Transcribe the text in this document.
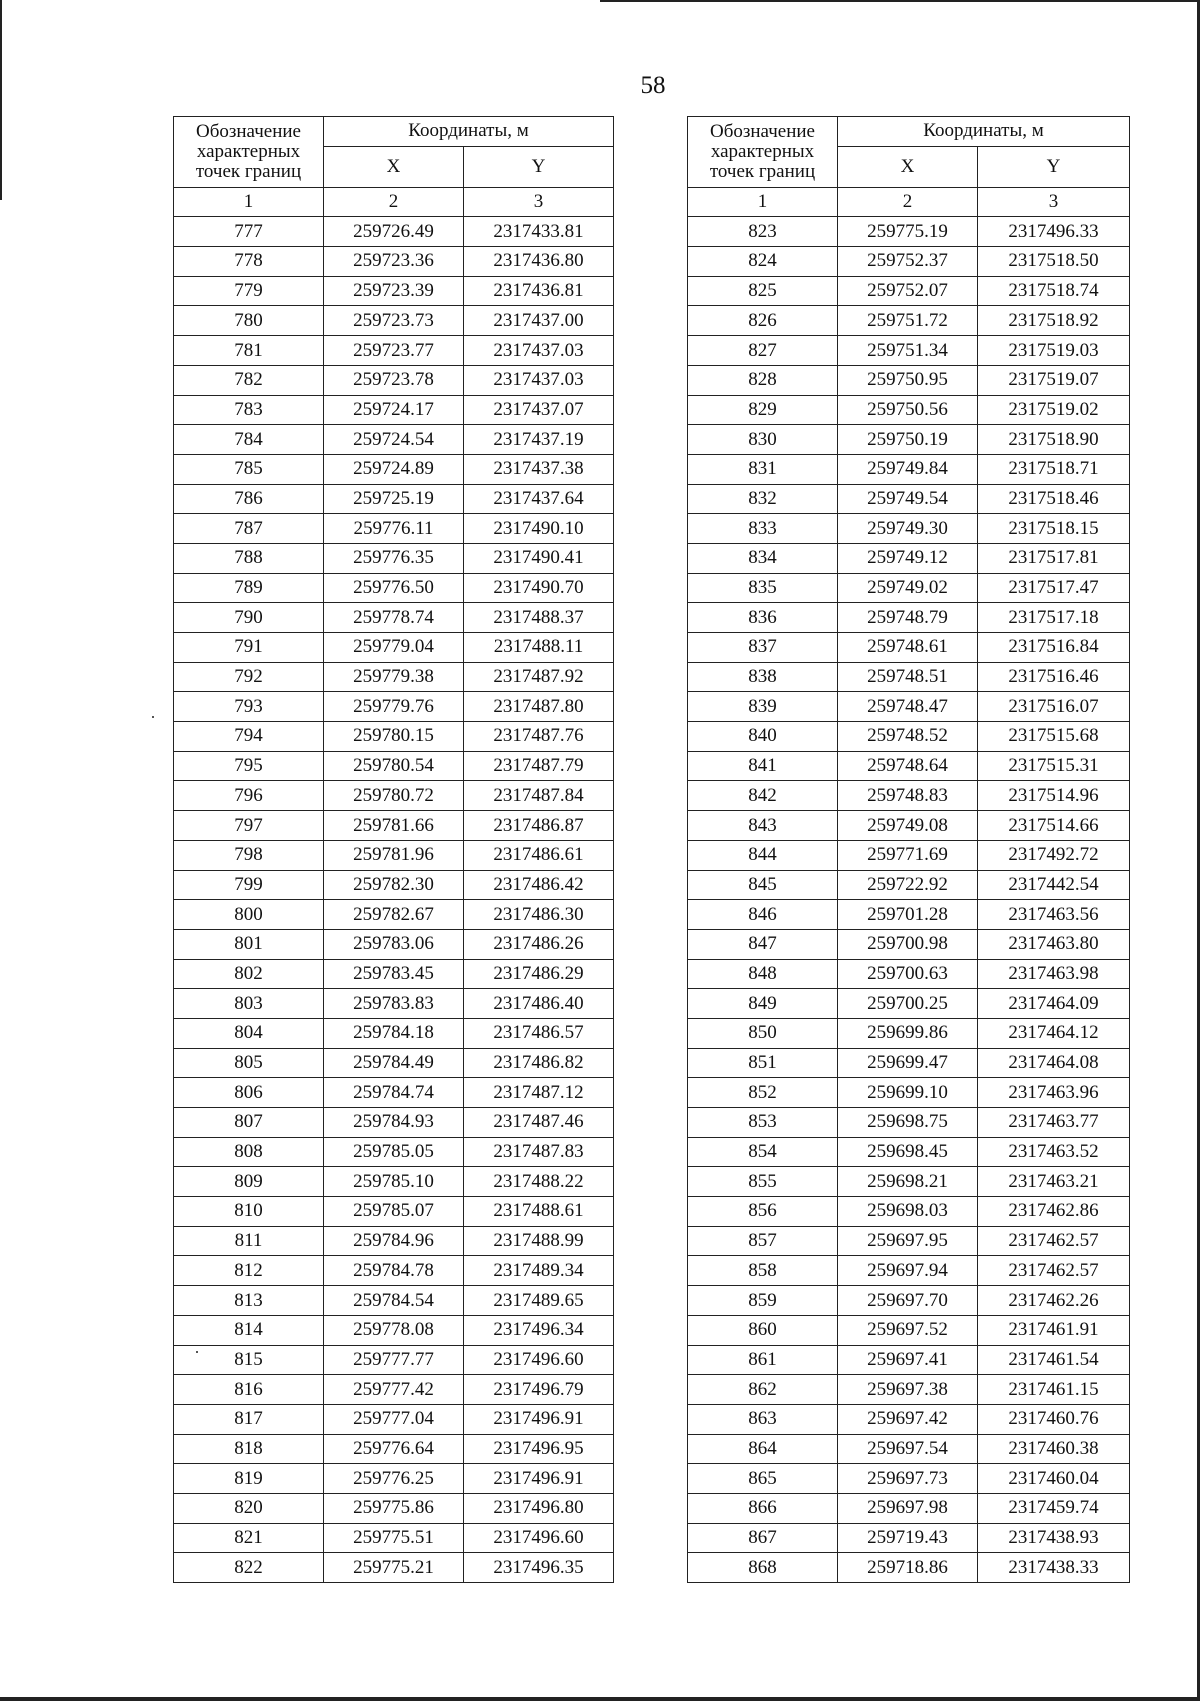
58
Обозначение характерных точек границ	Координаты, м	
	X	Y
1	2	3
777	259726.49	2317433.81
778	259723.36	2317436.80
779	259723.39	2317436.81
780	259723.73	2317437.00
781	259723.77	2317437.03
782	259723.78	2317437.03
783	259724.17	2317437.07
784	259724.54	2317437.19
785	259724.89	2317437.38
786	259725.19	2317437.64
787	259776.11	2317490.10
788	259776.35	2317490.41
789	259776.50	2317490.70
790	259778.74	2317488.37
791	259779.04	2317488.11
792	259779.38	2317487.92
793	259779.76	2317487.80
794	259780.15	2317487.76
795	259780.54	2317487.79
796	259780.72	2317487.84
797	259781.66	2317486.87
798	259781.96	2317486.61
799	259782.30	2317486.42
800	259782.67	2317486.30
801	259783.06	2317486.26
802	259783.45	2317486.29
803	259783.83	2317486.40
804	259784.18	2317486.57
805	259784.49	2317486.82
806	259784.74	2317487.12
807	259784.93	2317487.46
808	259785.05	2317487.83
809	259785.10	2317488.22
810	259785.07	2317488.61
811	259784.96	2317488.99
812	259784.78	2317489.34
813	259784.54	2317489.65
814	259778.08	2317496.34
815	259777.77	2317496.60
816	259777.42	2317496.79
817	259777.04	2317496.91
818	259776.64	2317496.95
819	259776.25	2317496.91
820	259775.86	2317496.80
821	259775.51	2317496.60
822	259775.21	2317496.35
Обозначение характерных точек границ	Координаты, м	
	X	Y
1	2	3
823	259775.19	2317496.33
824	259752.37	2317518.50
825	259752.07	2317518.74
826	259751.72	2317518.92
827	259751.34	2317519.03
828	259750.95	2317519.07
829	259750.56	2317519.02
830	259750.19	2317518.90
831	259749.84	2317518.71
832	259749.54	2317518.46
833	259749.30	2317518.15
834	259749.12	2317517.81
835	259749.02	2317517.47
836	259748.79	2317517.18
837	259748.61	2317516.84
838	259748.51	2317516.46
839	259748.47	2317516.07
840	259748.52	2317515.68
841	259748.64	2317515.31
842	259748.83	2317514.96
843	259749.08	2317514.66
844	259771.69	2317492.72
845	259722.92	2317442.54
846	259701.28	2317463.56
847	259700.98	2317463.80
848	259700.63	2317463.98
849	259700.25	2317464.09
850	259699.86	2317464.12
851	259699.47	2317464.08
852	259699.10	2317463.96
853	259698.75	2317463.77
854	259698.45	2317463.52
855	259698.21	2317463.21
856	259698.03	2317462.86
857	259697.95	2317462.57
858	259697.94	2317462.57
859	259697.70	2317462.26
860	259697.52	2317461.91
861	259697.41	2317461.54
862	259697.38	2317461.15
863	259697.42	2317460.76
864	259697.54	2317460.38
865	259697.73	2317460.04
866	259697.98	2317459.74
867	259719.43	2317438.93
868	259718.86	2317438.33
